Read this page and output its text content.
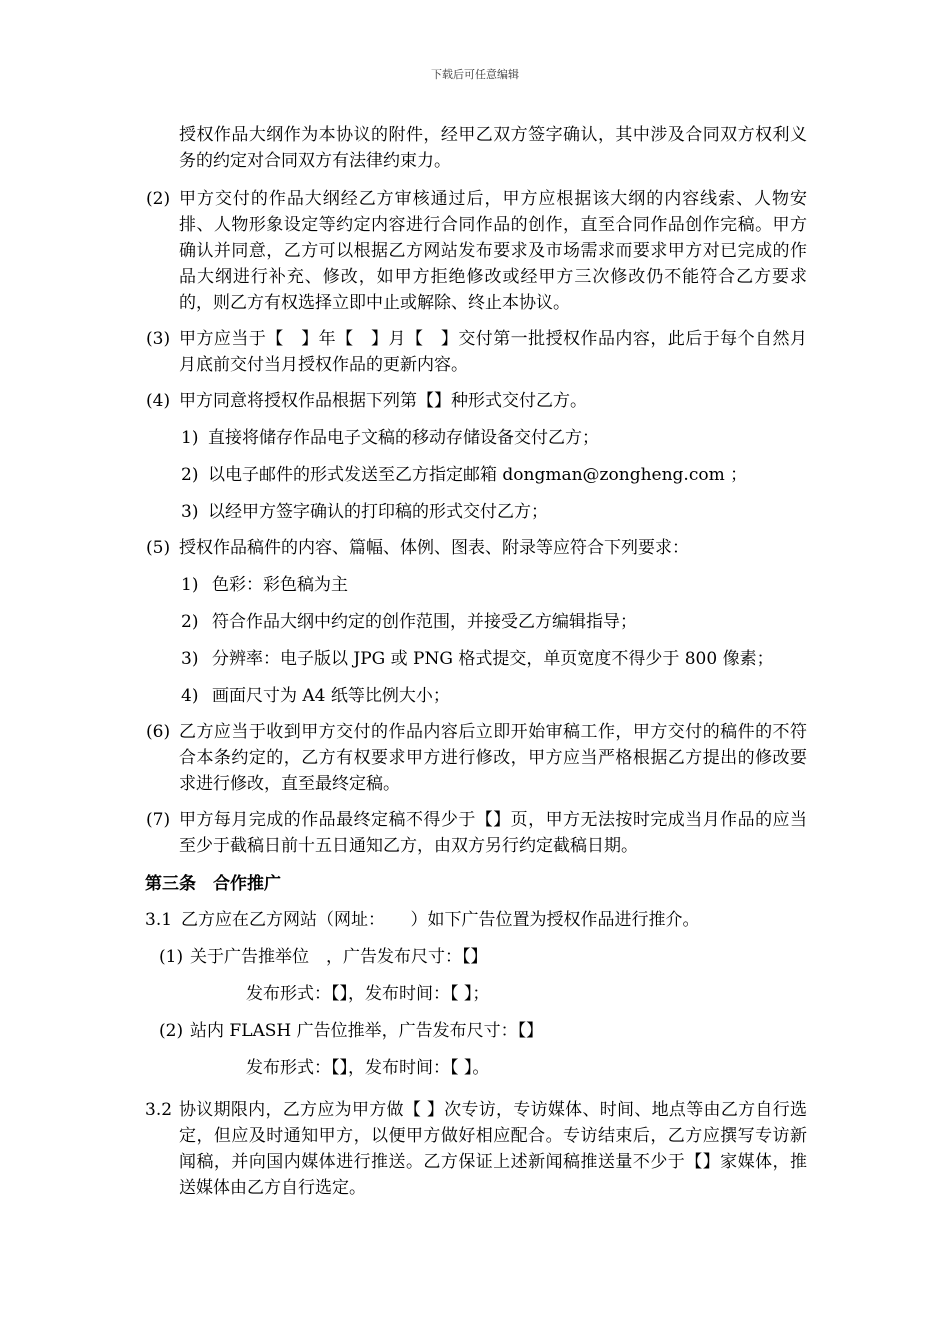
下载后可任意编辑
授权作品大纲作为本协议的附件，经甲乙双方签字确认，其中涉及合同双方权利义务的约定对合同双方有法律约束力。
(2) 甲方交付的作品大纲经乙方审核通过后，甲方应根据该大纲的内容线索、人物安排、人物形象设定等约定内容进行合同作品的创作，直至合同作品创作完稿。甲方确认并同意，乙方可以根据乙方网站发布要求及市场需求而要求甲方对已完成的作品大纲进行补充、修改，如甲方拒绝修改或经甲方三次修改仍不能符合乙方要求的，则乙方有权选择立即中止或解除、终止本协议。
(3) 甲方应当于【　】年【　】月【　】交付第一批授权作品内容，此后于每个自然月月底前交付当月授权作品的更新内容。
(4) 甲方同意将授权作品根据下列第【】种形式交付乙方。
1) 直接将储存作品电子文稿的移动存储设备交付乙方；
2) 以电子邮件的形式发送至乙方指定邮箱 dongman@zongheng.com ；
3) 以经甲方签字确认的打印稿的形式交付乙方；
(5) 授权作品稿件的内容、篇幅、体例、图表、附录等应符合下列要求：
1) 色彩：彩色稿为主
2) 符合作品大纲中约定的创作范围，并接受乙方编辑指导；
3) 分辨率：电子版以 JPG 或 PNG 格式提交，单页宽度不得少于 800 像素；
4) 画面尺寸为 A4 纸等比例大小；
(6) 乙方应当于收到甲方交付的作品内容后立即开始审稿工作，甲方交付的稿件的不符合本条约定的，乙方有权要求甲方进行修改，甲方应当严格根据乙方提出的修改要求进行修改，直至最终定稿。
(7) 甲方每月完成的作品最终定稿不得少于【】页，甲方无法按时完成当月作品的应当至少于截稿日前十五日通知乙方，由双方另行约定截稿日期。
第三条　合作推广
3.1 乙方应在乙方网站（网址：　　）如下广告位置为授权作品进行推介。
(1) 关于广告推举位　，广告发布尺寸：【】
发布形式：【】，发布时间：【 】；
(2) 站内 FLASH 广告位推举，广告发布尺寸：【】
发布形式：【】，发布时间：【 】。
3.2 协议期限内，乙方应为甲方做【 】次专访，专访媒体、时间、地点等由乙方自行选定，但应及时通知甲方，以便甲方做好相应配合。专访结束后，乙方应撰写专访新闻稿，并向国内媒体进行推送。乙方保证上述新闻稿推送量不少于【】家媒体，推送媒体由乙方自行选定。
